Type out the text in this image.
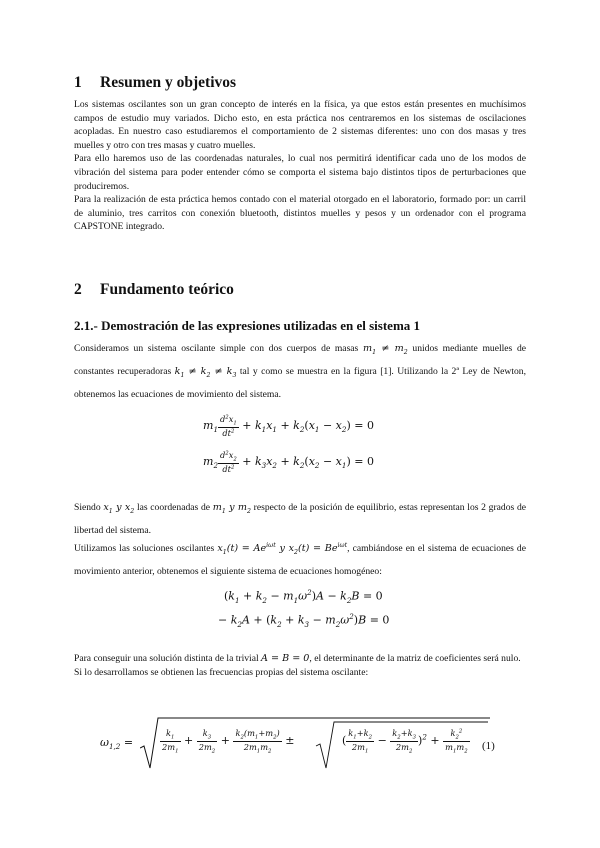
1 Resumen y objetivos

Los sistemas oscilantes son un gran concepto de interés en la física, ya que estos están presentes en muchísimos campos de estudio muy variados. Dicho esto, en esta práctica nos centraremos en los sistemas de oscilaciones acopladas. En nuestro caso estudiaremos el comportamiento de 2 sistemas diferentes: uno con dos masas y tres muelles y otro con tres masas y cuatro muelles.

Para ello haremos uso de las coordenadas naturales, lo cual nos permitirá identificar cada uno de los modos de vibración del sistema para poder entender cómo se comporta el sistema bajo distintos tipos de perturbaciones que produciremos.

Para la realización de esta práctica hemos contado con el material otorgado en el laboratorio, formado por: un carril de aluminio, tres carritos con conexión bluetooth, distintos muelles y pesos y un ordenador con el programa CAPSTONE integrado.

2 Fundamento teórico
2.1.- Demostración de las expresiones utilizadas en el sistema 1

Consideramos un sistema oscilante simple con dos cuerpos de masas $m_1 \ne m_2$ unidos mediante muelles de constantes recuperadoras $k_1 \ne k_2 \ne k_3$ tal y como se muestra en la figura [1]. Utilizando la 2ª Ley de Newton, obtenemos las ecuaciones de movimiento del sistema.

$m_1 \frac{d^2x_1}{dt^2} + k_1x_1 + k_2(x_1 - x_2) = 0$
$m_2 \frac{d^2x_2}{dt^2} + k_3x_2 + k_2(x_2 - x_1) = 0$

Siendo $x_1$ y $x_2$ las coordenadas de $m_1$ y $m_2$ respecto de la posición de equilibrio, estas representan los 2 grados de libertad del sistema.

Utilizamos las soluciones oscilantes $x_1(t) = Ae^{i\omega t}$ y $x_2(t) = Be^{i\omega t}$, cambiándose en el sistema de ecuaciones de movimiento anterior, obtenemos el siguiente sistema de ecuaciones homogéneo:

$(k_1 + k_2 - m_1\omega^2)A - k_2B = 0$
− $k_2A + (k_2 + k_3 - m_2\omega^2)B = 0$

Para conseguir una solución distinta de la trivial A = B = 0, el determinante de la matriz de coeficientes será nulo.

Si lo desarrollamos se obtienen las frecuencias propias del sistema oscilante:

$\omega_{1,2}$ =	$\frac{k_1}{2m_1} + \frac{k_3}{2m_2} + \frac{k_2(m_1+m_2)}{2m_1m_2}$ ±	( $\frac{k_1+k_2}{2m_1} - \frac{k_2+k_3}{2m_2} )^2 + \frac{k_2^2}{m_1m_2} (1)$
